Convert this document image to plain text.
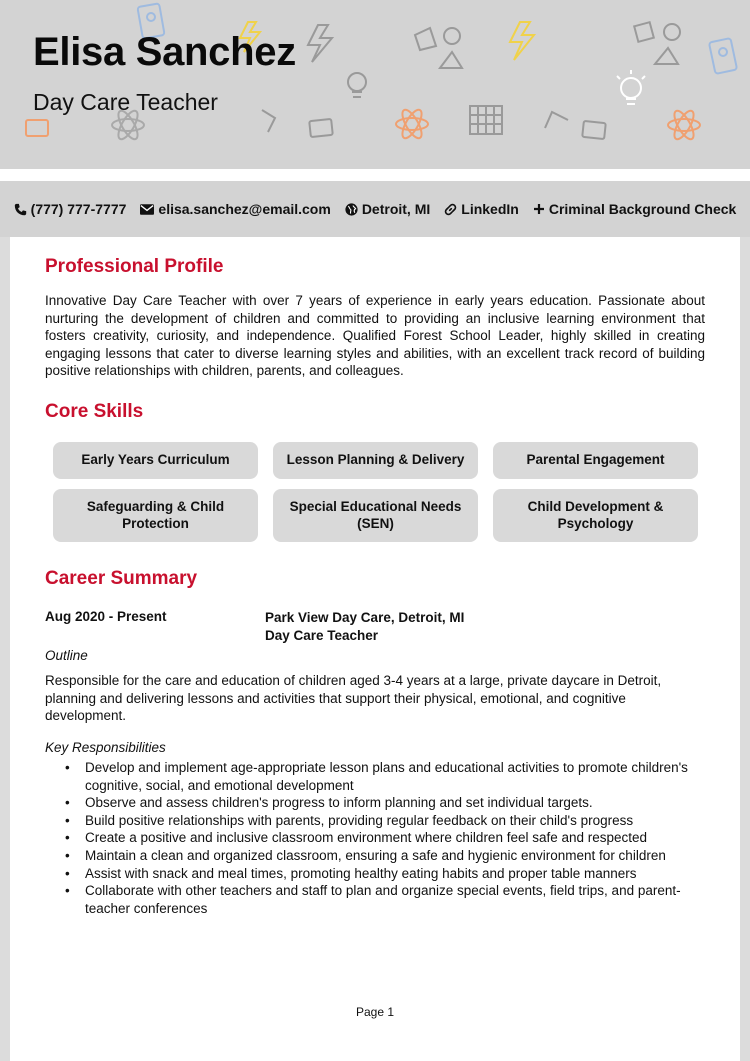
Elisa Sanchez
Day Care Teacher
(777) 777-7777 elisa.sanchez@email.com Detroit, MI LinkedIn Criminal Background Check
Professional Profile
Innovative Day Care Teacher with over 7 years of experience in early years education. Passionate about nurturing the development of children and committed to providing an inclusive learning environment that fosters creativity, curiosity, and independence. Qualified Forest School Leader, highly skilled in creating engaging lessons that cater to diverse learning styles and abilities, with an excellent track record of building positive relationships with children, parents, and colleagues.
Core Skills
Early Years Curriculum	Lesson Planning & Delivery	Parental Engagement
Safeguarding & Child Protection
Special Educational Needs (SEN)
Child Development & Psychology
Career Summary
Aug 2020 - Present	Park View Day Care, Detroit, MI
Day Care Teacher
Outline
Responsible for the care and education of children aged 3-4 years at a large, private daycare in Detroit, planning and delivering lessons and activities that support their physical, emotional, and cognitive development.
Key Responsibilities
• Develop and implement age-appropriate lesson plans and educational activities to promote children's cognitive, social, and emotional development
• Observe and assess children's progress to inform planning and set individual targets.
• Build positive relationships with parents, providing regular feedback on their child's progress
• Create a positive and inclusive classroom environment where children feel safe and respected
• Maintain a clean and organized classroom, ensuring a safe and hygienic environment for children
• Assist with snack and meal times, promoting healthy eating habits and proper table manners
• Collaborate with other teachers and staff to plan and organize special events, field trips, and parent-teacher conferences
Page 1
